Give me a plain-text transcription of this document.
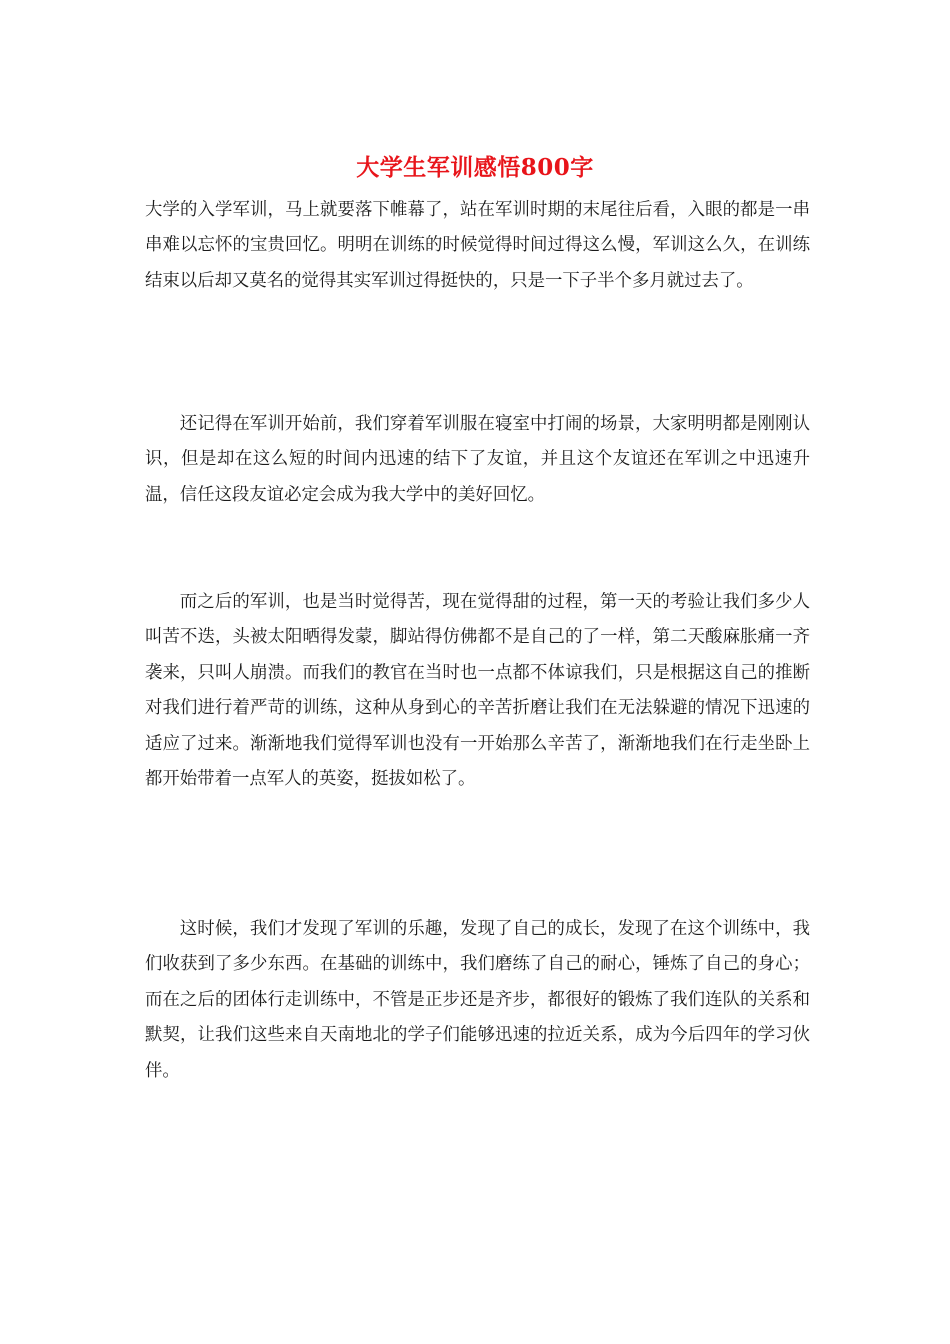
大学生军训感悟800字

大学的入学军训，马上就要落下帷幕了，站在军训时期的末尾往后看，入眼的都是一串串难以忘怀的宝贵回忆。明明在训练的时候觉得时间过得这么慢，军训这么久，在训练结束以后却又莫名的觉得其实军训过得挺快的，只是一下子半个多月就过去了。

还记得在军训开始前，我们穿着军训服在寝室中打闹的场景，大家明明都是刚刚认识，但是却在这么短的时间内迅速的结下了友谊，并且这个友谊还在军训之中迅速升温，信任这段友谊必定会成为我大学中的美好回忆。

而之后的军训，也是当时觉得苦，现在觉得甜的过程，第一天的考验让我们多少人叫苦不迭，头被太阳晒得发蒙，脚站得仿佛都不是自己的了一样，第二天酸麻胀痛一齐袭来，只叫人崩溃。而我们的教官在当时也一点都不体谅我们，只是根据这自己的推断对我们进行着严苛的训练，这种从身到心的辛苦折磨让我们在无法躲避的情况下迅速的适应了过来。渐渐地我们觉得军训也没有一开始那么辛苦了，渐渐地我们在行走坐卧上都开始带着一点军人的英姿，挺拔如松了。

这时候，我们才发现了军训的乐趣，发现了自己的成长，发现了在这个训练中，我们收获到了多少东西。在基础的训练中，我们磨练了自己的耐心，锤炼了自己的身心；而在之后的团体行走训练中，不管是正步还是齐步，都很好的锻炼了我们连队的关系和默契，让我们这些来自天南地北的学子们能够迅速的拉近关系，成为今后四年的学习伙伴。
